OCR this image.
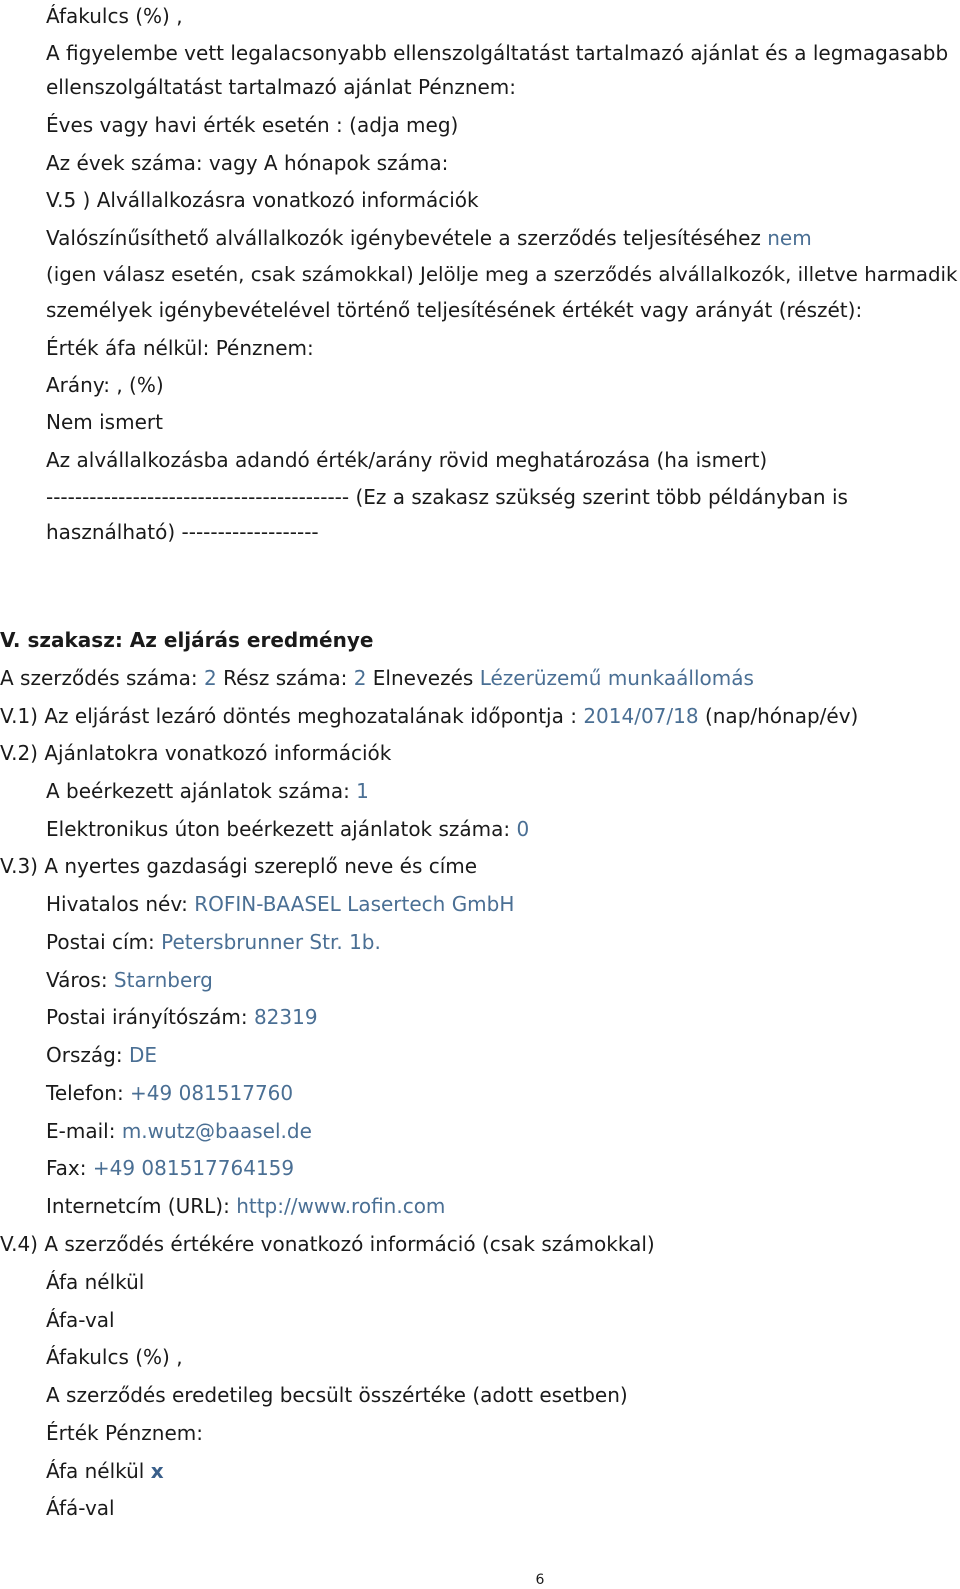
Áfakulcs (%) ,
A figyelembe vett legalacsonyabb ellenszolgáltatást tartalmazó ajánlat és a legmagasabb
ellenszolgáltatást tartalmazó ajánlat Pénznem:
Éves vagy havi érték esetén : (adja meg)
Az évek száma: vagy A hónapok száma:
V.5 ) Alvállalkozásra vonatkozó információk
Valószínűsíthető alvállalkozók igénybevétele a szerződés teljesítéséhez nem
(igen válasz esetén, csak számokkal) Jelölje meg a szerződés alvállalkozók, illetve harmadik
személyek igénybevételével történő teljesítésének értékét vagy arányát (részét):
Érték áfa nélkül: Pénznem:
Arány: , (%)
Nem ismert
Az alvállalkozásba adandó érték/arány rövid meghatározása (ha ismert)
------------------------------------------ (Ez a szakasz szükség szerint több példányban is
használható) -------------------
V. szakasz: Az eljárás eredménye
A szerződés száma: 2 Rész száma: 2 Elnevezés Lézerüzemű munkaállomás
V.1) Az eljárást lezáró döntés meghozatalának időpontja : 2014/07/18 (nap/hónap/év)
V.2) Ajánlatokra vonatkozó információk
A beérkezett ajánlatok száma: 1
Elektronikus úton beérkezett ajánlatok száma: 0
V.3) A nyertes gazdasági szereplő neve és címe
Hivatalos név: ROFIN-BAASEL Lasertech GmbH
Postai cím: Petersbrunner Str. 1b.
Város: Starnberg
Postai irányítószám: 82319
Ország: DE
Telefon: +49 081517760
E-mail: m.wutz@baasel.de
Fax: +49 081517764159
Internetcím (URL): http://www.rofin.com
V.4) A szerződés értékére vonatkozó információ (csak számokkal)
Áfa nélkül
Áfa-val
Áfakulcs (%) ,
A szerződés eredetileg becsült összértéke (adott esetben)
Érték Pénznem:
Áfa nélkül x
Áfá-val
6
